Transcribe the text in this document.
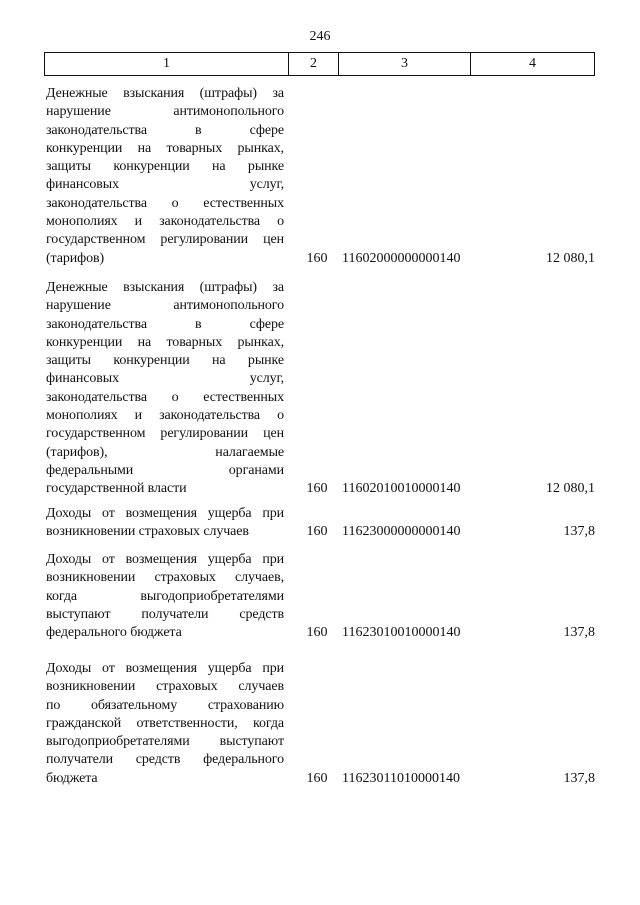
246
1	2	3	4
Денежные взыскания (штрафы) за
нарушение антимонопольного
законодательства в сфере
конкуренции на товарных рынках,
защиты конкуренции на рынке
финансовых услуг,
законодательства о естественных
монополиях и законодательства о
государственном регулировании цен
(тарифов)	160	11602000000000140	12 080,1
Денежные взыскания (штрафы) за
нарушение антимонопольного
законодательства в сфере
конкуренции на товарных рынках,
защиты конкуренции на рынке
финансовых услуг,
законодательства о естественных
монополиях и законодательства о
государственном регулировании цен
(тарифов), налагаемые
федеральными органами
государственной власти	160	11602010010000140	12 080,1
Доходы от возмещения ущерба при
возникновении страховых случаев	160	11623000000000140	137,8
Доходы от возмещения ущерба при
возникновении страховых случаев,
когда выгодоприобретателями
выступают получатели средств
федерального бюджета	160	11623010010000140	137,8
Доходы от возмещения ущерба при
возникновении страховых случаев
по обязательному страхованию
гражданской ответственности, когда
выгодоприобретателями выступают
получатели средств федерального
бюджета	160	11623011010000140	137,8
